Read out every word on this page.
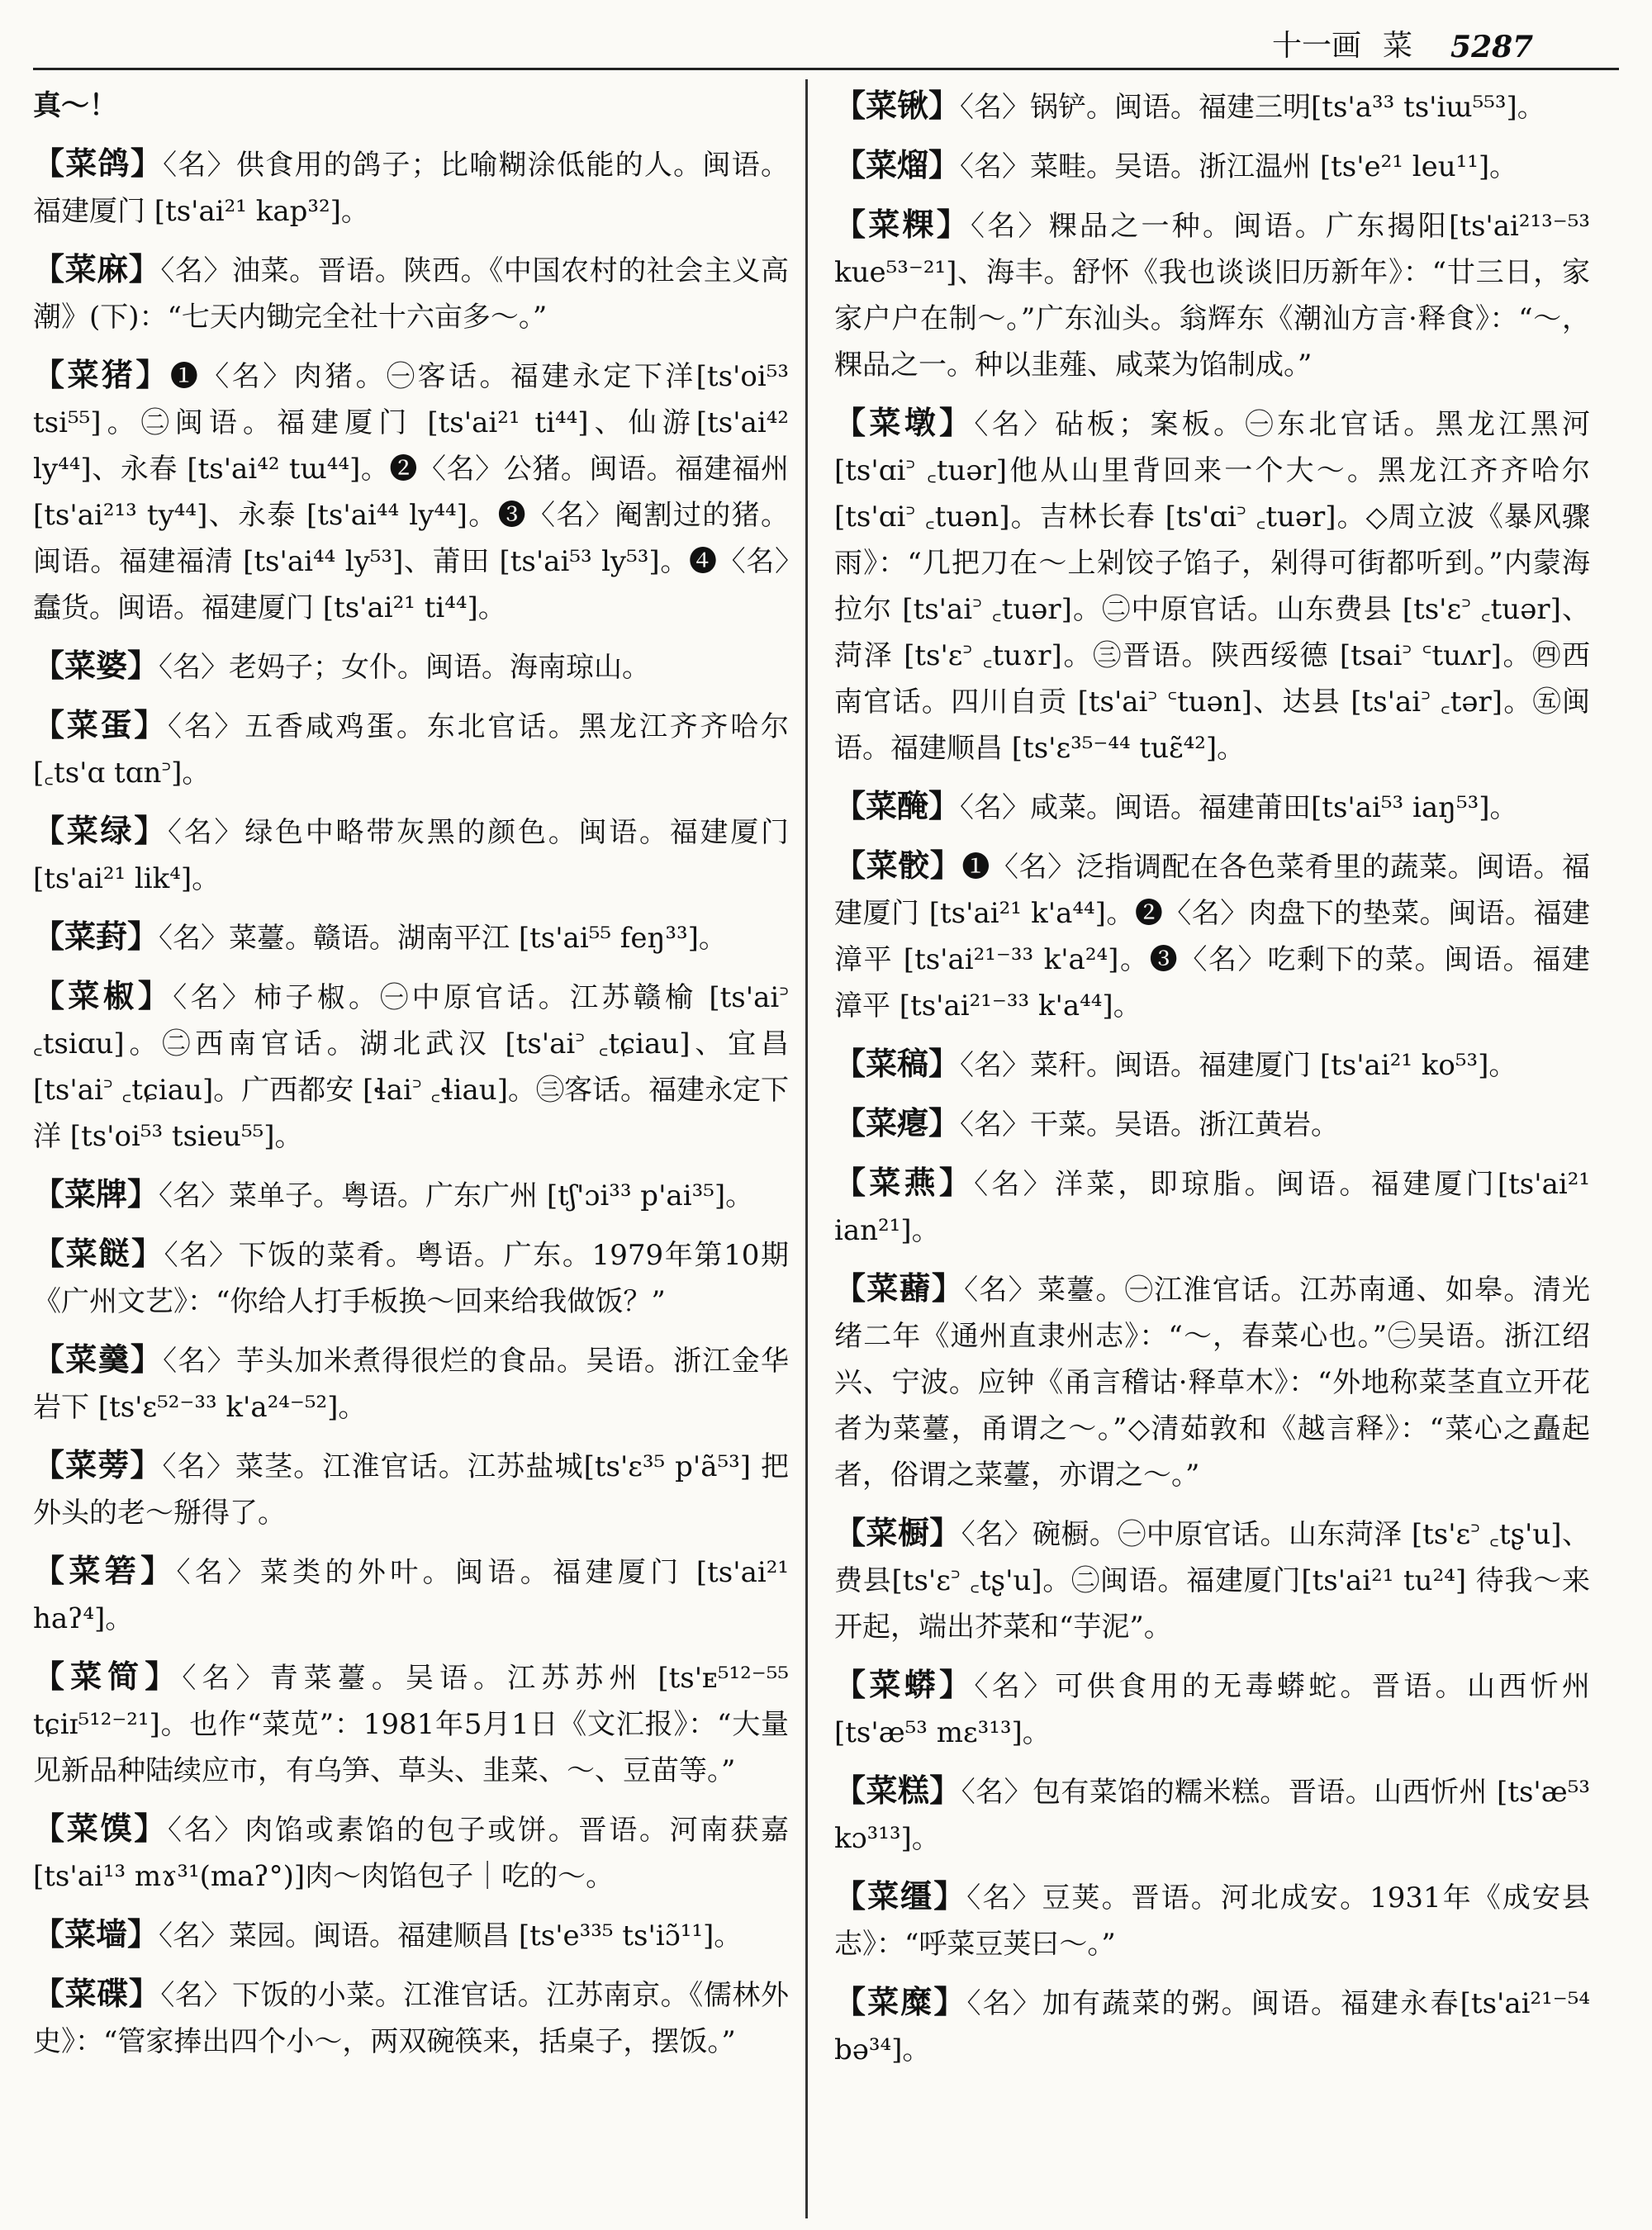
十一画 菜 5287
真～！
【菜鸽】〈名〉供食用的鸽子；比喻糊涂低能的人。闽语。福建厦门 [ts'ai²¹ kap³²]。
【菜麻】〈名〉油菜。晋语。陕西。《中国农村的社会主义高潮》(下)：“七天内锄完全社十六亩多～。”
【菜猪】❶〈名〉肉猪。㊀客话。福建永定下洋[ts'oi⁵³ tsi⁵⁵]。㊁闽语。福建厦门 [ts'ai²¹ ti⁴⁴]、仙游[ts'ai⁴² ly⁴⁴]、永春 [ts'ai⁴² tɯ⁴⁴]。❷〈名〉公猪。闽语。福建福州 [ts'ai²¹³ ty⁴⁴]、永泰 [ts'ai⁴⁴ ly⁴⁴]。❸〈名〉阉割过的猪。闽语。福建福清 [ts'ai⁴⁴ ly⁵³]、莆田 [ts'ai⁵³ ly⁵³]。❹〈名〉蠢货。闽语。福建厦门 [ts'ai²¹ ti⁴⁴]。
【菜婆】〈名〉老妈子；女仆。闽语。海南琼山。
【菜蛋】〈名〉五香咸鸡蛋。东北官话。黑龙江齐齐哈尔 [꜀ts'ɑ tɑn꜄]。
【菜绿】〈名〉绿色中略带灰黑的颜色。闽语。福建厦门 [ts'ai²¹ lik⁴]。
【菜葑】〈名〉菜薹。赣语。湖南平江 [ts'ai⁵⁵ feŋ³³]。
【菜椒】〈名〉柿子椒。㊀中原官话。江苏赣榆 [ts'ai꜄ ꜀tsiɑu]。㊁西南官话。湖北武汉 [ts'ai꜄ ꜀tɕiau]、宜昌 [ts'ai꜄ ꜀tɕiau]。广西都安 [ɬai꜄ ꜀ɬiau]。㊂客话。福建永定下洋 [ts'oi⁵³ tsieu⁵⁵]。
【菜牌】〈名〉菜单子。粤语。广东广州 [tʃ'ɔi³³ p'ai³⁵]。
【菜餸】〈名〉下饭的菜肴。粤语。广东。1979年第10期《广州文艺》：“你给人打手板换～回来给我做饭？”
【菜羹】〈名〉芋头加米煮得很烂的食品。吴语。浙江金华岩下 [ts'ɛ⁵²⁻³³ k'a²⁴⁻⁵²]。
【菜蒡】〈名〉菜茎。江淮官话。江苏盐城[ts'ɛ³⁵ p'ã⁵³] 把外头的老～掰得了。
【菜箬】〈名〉菜类的外叶。闽语。福建厦门 [ts'ai²¹ haʔ⁴]。
【菜简】〈名〉青菜薹。吴语。江苏苏州 [ts'ᴇ⁵¹²⁻⁵⁵ tɕiɪ⁵¹²⁻²¹]。也作“菜苋”：1981年5月1日《文汇报》：“大量见新品种陆续应市，有乌笋、草头、韭菜、～、豆苗等。”
【菜馍】〈名〉肉馅或素馅的包子或饼。晋语。河南获嘉 [ts'ai¹³ mɤ³¹(maʔ°)]肉～肉馅包子｜吃的～。
【菜墙】〈名〉菜园。闽语。福建顺昌 [ts'e³³⁵ ts'iɔ̃¹¹]。
【菜碟】〈名〉下饭的小菜。江淮官话。江苏南京。《儒林外史》：“管家捧出四个小～，两双碗筷来，括桌子，摆饭。”
【菜锹】〈名〉锅铲。闽语。福建三明[ts'a³³ ts'iɯ⁵⁵³]。
【菜熘】〈名〉菜畦。吴语。浙江温州 [ts'e²¹ leu¹¹]。
【菜粿】〈名〉粿品之一种。闽语。广东揭阳[ts'ai²¹³⁻⁵³ kue⁵³⁻²¹]、海丰。舒怀《我也谈谈旧历新年》：“廿三日，家家户户在制～。”广东汕头。翁辉东《潮汕方言·释食》：“～，粿品之一。种以韭薤、咸菜为馅制成。”
【菜墩】〈名〉砧板；案板。㊀东北官话。黑龙江黑河 [ts'ɑi꜄ ꜀tuər]他从山里背回来一个大～。黑龙江齐齐哈尔 [ts'ɑi꜄ ꜀tuən]。吉林长春 [ts'ɑi꜄ ꜀tuər]。◇周立波《暴风骤雨》：“几把刀在～上剁饺子馅子，剁得可街都听到。”内蒙海拉尔 [ts'ai꜄ ꜀tuər]。㊁中原官话。山东费县 [ts'ɛ꜄ ꜀tuər]、菏泽 [ts'ɛ꜄ ꜀tuɤr]。㊂晋语。陕西绥德 [tsai꜄ ꜂tuʌr]。㊃西南官话。四川自贡 [ts'ai꜄ ꜂tuən]、达县 [ts'ai꜄ ꜀tər]。㊄闽语。福建顺昌 [ts'ɛ³⁵⁻⁴⁴ tuɛ̃⁴²]。
【菜醃】〈名〉咸菜。闽语。福建莆田[ts'ai⁵³ iaŋ⁵³]。
【菜骹】❶〈名〉泛指调配在各色菜肴里的蔬菜。闽语。福建厦门 [ts'ai²¹ k'a⁴⁴]。❷〈名〉肉盘下的垫菜。闽语。福建漳平 [ts'ai²¹⁻³³ k'a²⁴]。❸〈名〉吃剩下的菜。闽语。福建漳平 [ts'ai²¹⁻³³ k'a⁴⁴]。
【菜稿】〈名〉菜秆。闽语。福建厦门 [ts'ai²¹ ko⁵³]。
【菜瘪】〈名〉干菜。吴语。浙江黄岩。
【菜燕】〈名〉洋菜，即琼脂。闽语。福建厦门[ts'ai²¹ ian²¹]。
【菜蘛】〈名〉菜薹。㊀江淮官话。江苏南通、如皋。清光绪二年《通州直隶州志》：“～，春菜心也。”㊁吴语。浙江绍兴、宁波。应钟《甬言稽诂·释草木》：“外地称菜茎直立开花者为菜薹，甬谓之～。”◇清茹敦和《越言释》：“菜心之矗起者，俗谓之菜薹，亦谓之～。”
【菜橱】〈名〉碗橱。㊀中原官话。山东菏泽 [ts'ɛ꜄ ꜀tʂ'u]、费县[ts'ɛ꜄ ꜀tʂ'u]。㊁闽语。福建厦门[ts'ai²¹ tu²⁴] 待我～来开起，端出芥菜和“芋泥”。
【菜蟒】〈名〉可供食用的无毒蟒蛇。晋语。山西忻州 [ts'æ⁵³ mɛ³¹³]。
【菜糕】〈名〉包有菜馅的糯米糕。晋语。山西忻州 [ts'æ⁵³ kɔ³¹³]。
【菜缰】〈名〉豆荚。晋语。河北成安。1931年《成安县志》：“呼菜豆荚曰～。”
【菜糜】〈名〉加有蔬菜的粥。闽语。福建永春[ts'ai²¹⁻⁵⁴ bə³⁴]。
